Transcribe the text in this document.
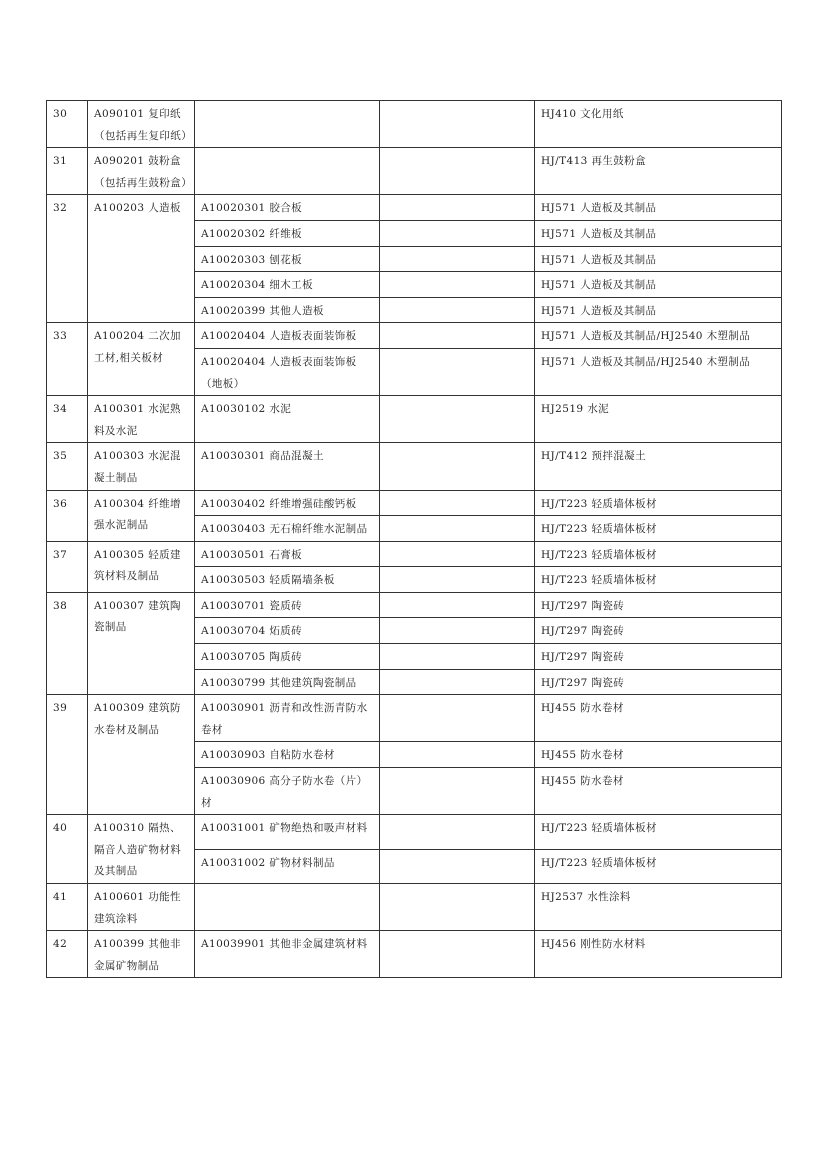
30	A090101 复印纸（包括再生复印纸）			HJ410 文化用纸
31	A090201 鼓粉盒（包括再生鼓粉盒）			HJ/T413 再生鼓粉盒
32	A100203 人造板	A10020301 胶合板		HJ571 人造板及其制品
		A10020302 纤维板		HJ571 人造板及其制品
		A10020303 刨花板		HJ571 人造板及其制品
		A10020304 细木工板		HJ571 人造板及其制品
		A10020399 其他人造板		HJ571 人造板及其制品
33	A100204 二次加工材,相关板材	A10020404 人造板表面装饰板		HJ571 人造板及其制品/HJ2540 木塑制品
		A10020404 人造板表面装饰板（地板）		HJ571 人造板及其制品/HJ2540 木塑制品
34	A100301 水泥熟料及水泥	A10030102 水泥		HJ2519 水泥
35	A100303 水泥混凝土制品	A10030301 商品混凝土		HJ/T412 预拌混凝土
36	A100304 纤维增强水泥制品	A10030402 纤维增强硅酸钙板		HJ/T223 轻质墙体板材
		A10030403 无石棉纤维水泥制品		HJ/T223 轻质墙体板材
37	A100305 轻质建筑材料及制品	A10030501 石膏板		HJ/T223 轻质墙体板材
		A10030503 轻质隔墙条板		HJ/T223 轻质墙体板材
38	A100307 建筑陶瓷制品	A10030701 瓷质砖		HJ/T297 陶瓷砖
		A10030704 炻质砖		HJ/T297 陶瓷砖
		A10030705 陶质砖		HJ/T297 陶瓷砖
		A10030799 其他建筑陶瓷制品		HJ/T297 陶瓷砖
39	A100309 建筑防水卷材及制品	A10030901 沥青和改性沥青防水卷材		HJ455 防水卷材
		A10030903 自粘防水卷材		HJ455 防水卷材
		A10030906 高分子防水卷（片）材		HJ455 防水卷材
40	A100310 隔热、隔音人造矿物材料及其制品	A10031001 矿物绝热和吸声材料		HJ/T223 轻质墙体板材
		A10031002 矿物材料制品		HJ/T223 轻质墙体板材
41	A100601 功能性建筑涂料			HJ2537 水性涂料
42	A100399 其他非金属矿物制品	A10039901 其他非金属建筑材料		HJ456 刚性防水材料
